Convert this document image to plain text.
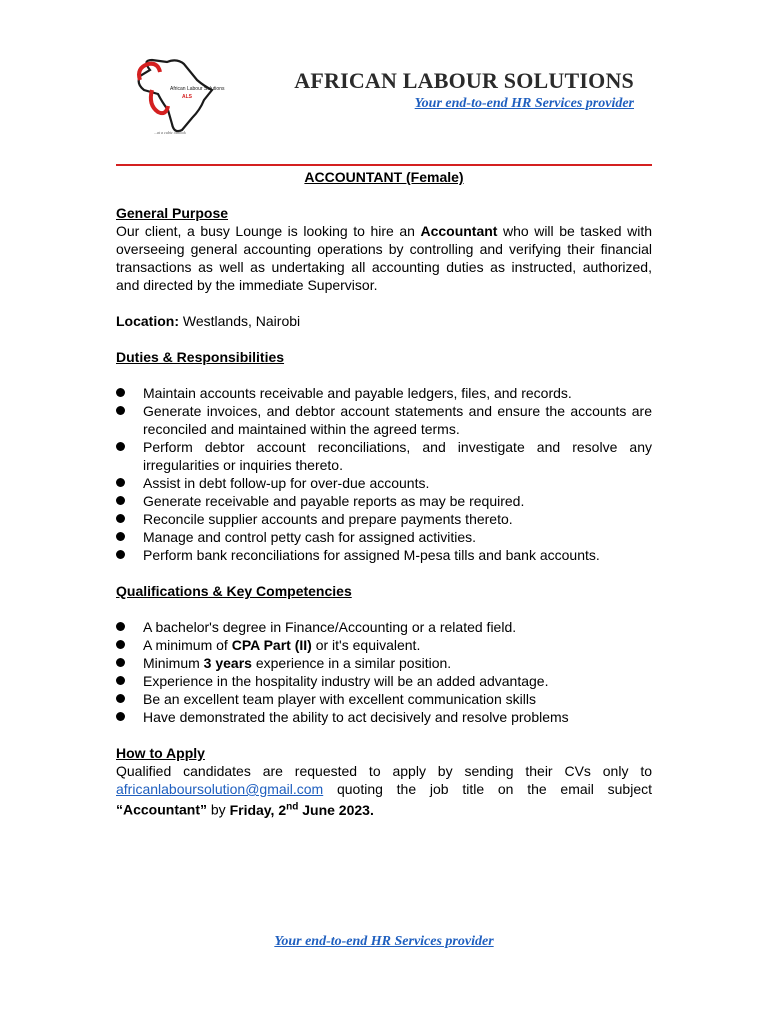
African Labour Solutions
ALS
...at a cubic outlook
AFRICAN LABOUR SOLUTIONS
Your end-to-end HR Services provider
ACCOUNTANT (Female)
General Purpose
Our client, a busy Lounge is looking to hire an Accountant who will be tasked with overseeing general accounting operations by controlling and verifying their financial transactions as well as undertaking all accounting duties as instructed, authorized, and directed by the immediate Supervisor.
Location: Westlands, Nairobi
Duties & Responsibilities
Maintain accounts receivable and payable ledgers, files, and records.
Generate invoices, and debtor account statements and ensure the accounts are reconciled and maintained within the agreed terms.
Perform debtor account reconciliations, and investigate and resolve any irregularities or inquiries thereto.
Assist in debt follow-up for over-due accounts.
Generate receivable and payable reports as may be required.
Reconcile supplier accounts and prepare payments thereto.
Manage and control petty cash for assigned activities.
Perform bank reconciliations for assigned M-pesa tills and bank accounts.
Qualifications & Key Competencies
A bachelor's degree in Finance/Accounting or a related field.
A minimum of CPA Part (II) or it's equivalent.
Minimum 3 years experience in a similar position.
Experience in the hospitality industry will be an added advantage.
Be an excellent team player with excellent communication skills
Have demonstrated the ability to act decisively and resolve problems
How to Apply
Qualified candidates are requested to apply by sending their CVs only to
africanlaboursolution@gmail.com quoting the job title on the email subject
“Accountant” by Friday, 2nd June 2023.
Your end-to-end HR Services provider
